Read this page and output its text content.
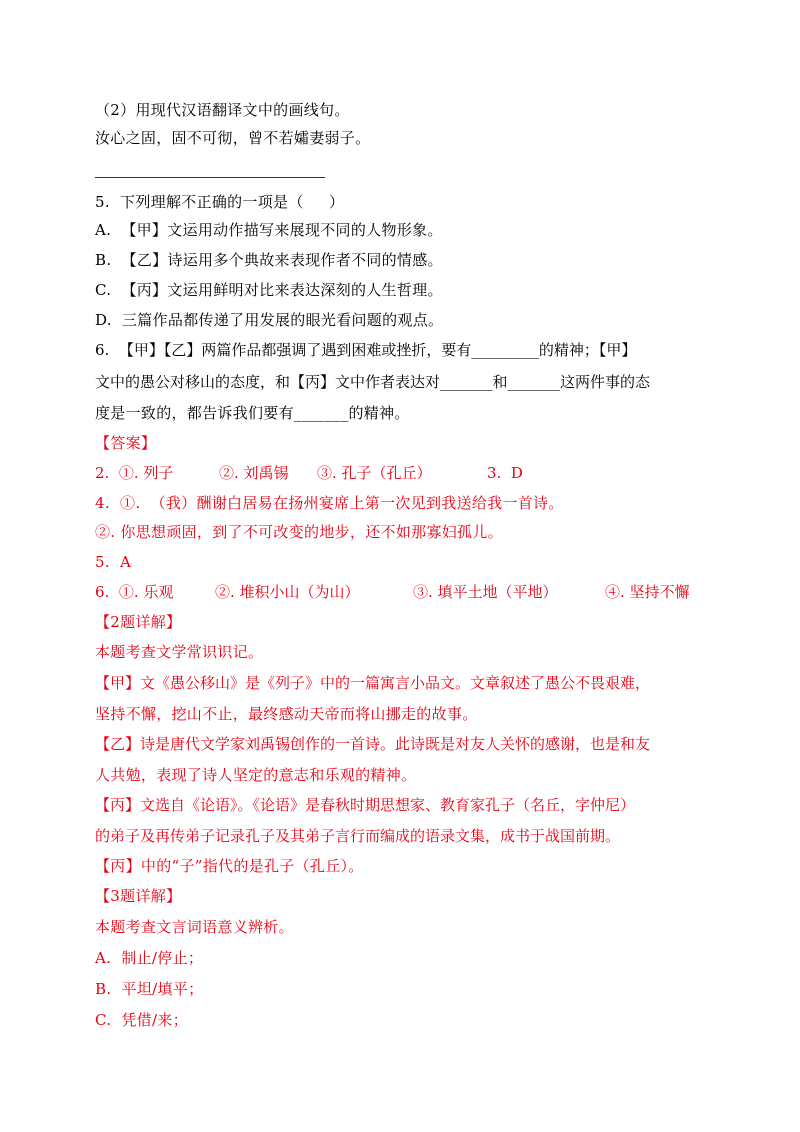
（2）用现代汉语翻译文中的画线句。
汝心之固，固不可彻，曾不若孀妻弱子。
5.  下列理解不正确的一项是（     ）
A.  【甲】文运用动作描写来展现不同的人物形象。
B.  【乙】诗运用多个典故来表现作者不同的情感。
C.  【丙】文运用鲜明对比来表达深刻的人生哲理。
D.  三篇作品都传递了用发展的眼光看问题的观点。
6.  【甲】【乙】两篇作品都强调了遇到困难或挫折，要有_________的精神；【甲】
文中的愚公对移山的态度，和【丙】文中作者表达对_______和_______这两件事的态
度是一致的，都告诉我们要有_______的精神。
【答案】

2.  ①. 列子

	②. 刘禹锡

③. 孔子（孔丘）

	3.  D

4.  ①.  （我）酬谢白居易在扬州宴席上第一次见到我送给我一首诗。
②. 你思想顽固，到了不可改变的地步，还不如那寡妇孤儿。
5.  A

6.  ①. 乐观

	②. 堆积小山（为山）

	③. 填平土地（平地）

	④. 坚持不懈

【2题详解】
本题考查文学常识识记。
【甲】文《愚公移山》是《列子》中的一篇寓言小品文。文章叙述了愚公不畏艰难，
坚持不懈，挖山不止，最终感动天帝而将山挪走的故事。
【乙】诗是唐代文学家刘禹锡创作的一首诗。此诗既是对友人关怀的感谢，也是和友
人共勉，表现了诗人坚定的意志和乐观的精神。
【丙】文选自《论语》。《论语》是春秋时期思想家、教育家孔子（名丘，字仲尼）
的弟子及再传弟子记录孔子及其弟子言行而编成的语录文集，成书于战国前期。
【丙】中的“子”指代的是孔子（孔丘）。
【3题详解】
本题考查文言词语意义辨析。
A.  制止/停止；
B.  平坦/填平；
C.  凭借/来；
